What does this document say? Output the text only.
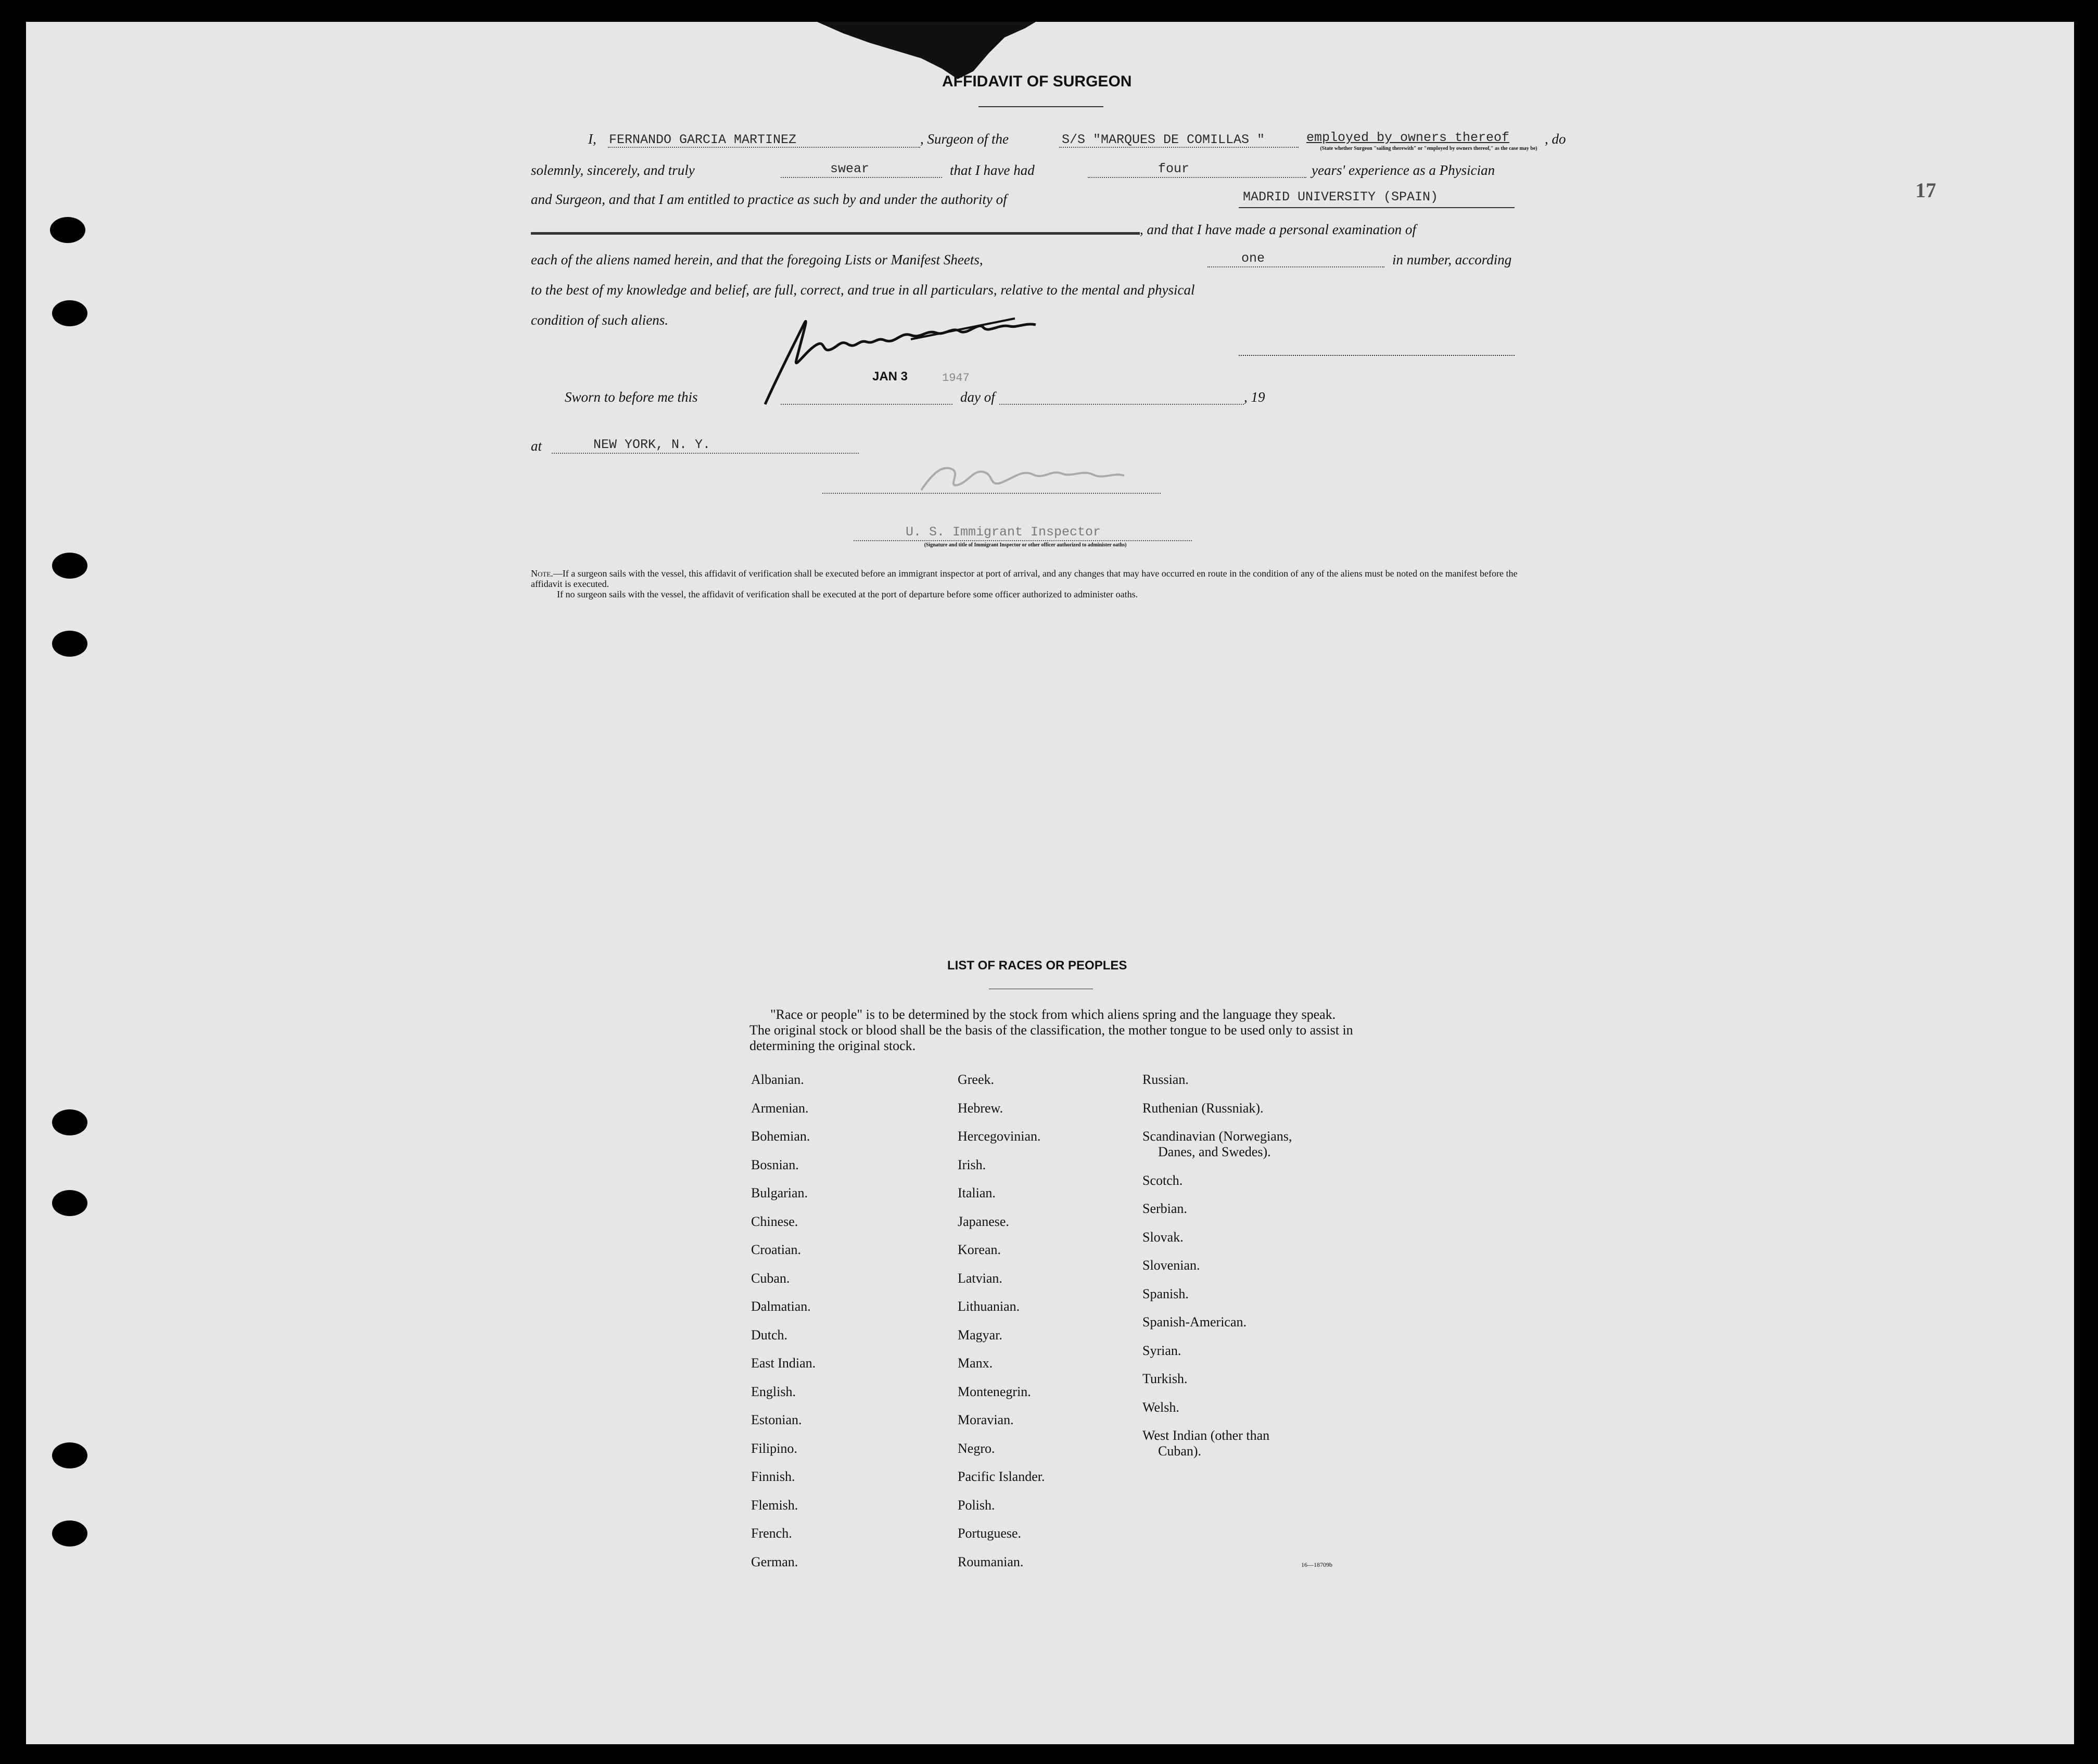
AFFIDAVIT OF SURGEON
I, FERNANDO GARCIA MARTINEZ	, Surgeon of the	S/S "MARQUES DE COMILLAS "	employed by owners thereof
(State whether Surgeon "sailing therewith" or "employed by owners thereof," as the case may be)
, do
solemnly, sincerely, and truly	swear	that I have had	four	years' experience as a Physician
and Surgeon, and that I am entitled to practice as such by and under the authority of	MADRID UNIVERSITY (SPAIN)
, and that I have made a personal examination of
each of the aliens named herein, and that the foregoing Lists or Manifest Sheets,	one	in number, according
to the best of my knowledge and belief, are full, correct, and true in all particulars, relative to the mental and physical
condition of such aliens.
JAN 3	1947
Sworn to before me this	day of	, 19
at	NEW YORK, N. Y.
U. S. Immigrant Inspector
(Signature and title of Immigrant Inspector or other officer authorized to administer oaths)
Note.—If a surgeon sails with the vessel, this affidavit of verification shall be executed before an immigrant inspector at port of arrival, and any changes that may have occurred en route in the condition of any of the aliens must be noted on the manifest before the affidavit is executed.
If no surgeon sails with the vessel, the affidavit of verification shall be executed at the port of departure before some officer authorized to administer oaths.
17
LIST OF RACES OR PEOPLES
"Race or people" is to be determined by the stock from which aliens spring and the language they speak. The original stock or blood shall be the basis of the classification, the mother tongue to be used only to assist in determining the original stock.
Albanian.
Armenian.
Bohemian.
Bosnian.
Bulgarian.
Chinese.
Croatian.
Cuban.
Dalmatian.
Dutch.
East Indian.
English.
Estonian.
Filipino.
Finnish.
Flemish.
French.
German.
Greek.
Hebrew.
Hercegovinian.
Irish.
Italian.
Japanese.
Korean.
Latvian.
Lithuanian.
Magyar.
Manx.
Montenegrin.
Moravian.
Negro.
Pacific Islander.
Polish.
Portuguese.
Roumanian.
Russian.
Ruthenian (Russniak).
Scandinavian (Norwegians,
Danes, and Swedes).
Scotch.
Serbian.
Slovak.
Slovenian.
Spanish.
Spanish-American.
Syrian.
Turkish.
Welsh.
West Indian (other than
Cuban).
16—18709b
